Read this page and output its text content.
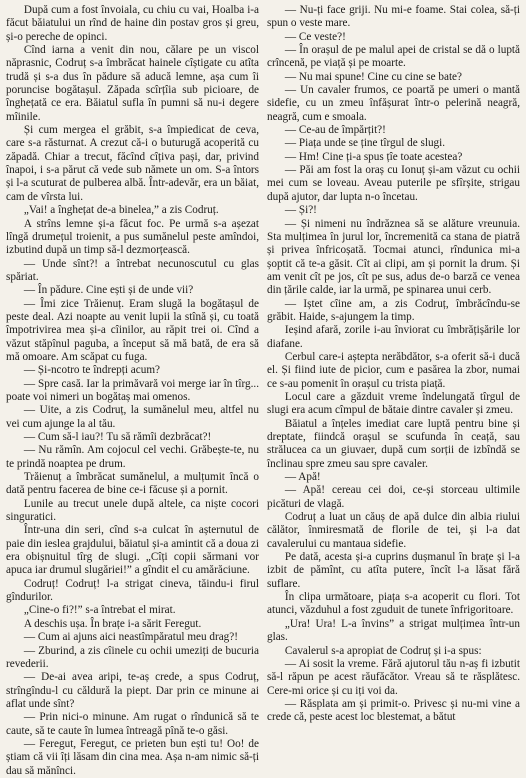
După cum a fost învoiala, cu chiu cu vai, Hoalba i-a făcut băiatului un rînd de haine din postav gros și greu, și-o pereche de opinci.

Cînd iarna a venit din nou, călare pe un viscol năprasnic, Codruț s-a îmbrăcat hainele cîștigate cu atîta trudă și s-a dus în pădure să aducă lemne, așa cum îi poruncise bogătașul. Zăpada scîrțîia sub picioare, de înghețată ce era. Băiatul sufla în pumni să nu-i degere mîinile.

Și cum mergea el grăbit, s-a împiedicat de ceva, care s-a răsturnat. A crezut că-i o buturugă acoperită cu zăpadă. Chiar a trecut, făcînd cîțiva pași, dar, privind înapoi, i s-a părut că vede sub nămete un om. S-a întors și l-a scuturat de pulberea albă. Într-adevăr, era un băiat, cam de vîrsta lui.

„Vai! a înghețat de-a binelea,” a zis Codruț.

A strîns lemne și-a făcut foc. Pe urmă s-a așezat lîngă drumețul troienit, a pus sumănelul peste amîndoi, izbutind după un timp să-l dezmorțească.

— Unde sînt?! a întrebat necunoscutul cu glas spăriat.

— În pădure. Cine ești și de unde vii?

— Îmi zice Trăienuț. Eram slugă la bogătașul de peste deal. Azi noapte au venit lupii la stînă și, cu toată împotrivirea mea și-a cîinilor, au răpit trei oi. Cînd a văzut stăpînul paguba, a început să mă bată, de era să mă omoare. Am scăpat cu fuga.

— Și-ncotro te îndrepți acum?

— Spre casă. Iar la primăvară voi merge iar în tîrg... poate voi nimeri un bogătaș mai omenos.

— Uite, a zis Codruț, la sumănelul meu, altfel nu vei cum ajunge la al tău.

— Cum să-l iau?! Tu să rămîi dezbrăcat?!

— Nu rămîn. Am cojocul cel vechi. Grăbește-te, nu te prindă noaptea pe drum.

Trăienuț a îmbrăcat sumănelul, a mulțumit încă o dată pentru facerea de bine ce-i făcuse și a pornit.

Lunile au trecut unele după altele, ca niște cocori singuratici.

Într-una din seri, cînd s-a culcat în așternutul de paie din ieslea grajdului, băiatul și-a amintit că a doua zi era obișnuitul tîrg de slugi. „Cîți copii sărmani vor apuca iar drumul slugăriei!” a gîndit el cu amărăciune.

Codruț! Codruț! l-a strigat cineva, tăindu-i firul gîndurilor.

„Cine-o fi?!” s-a întrebat el mirat.

A deschis ușa. În brațe i-a sărit Feregut.

— Cum ai ajuns aici neastîmpăratul meu drag?!

— Zburind, a zis cîinele cu ochii umeziți de bucuria revederii.

— De-ai avea aripi, te-aș crede, a spus Codruț, strîngîndu-l cu căldură la piept. Dar prin ce minune ai aflat unde sînt?

— Prin nici-o minune. Am rugat o rîndunică să te caute, să te caute în lumea întreagă pînă te-o găsi.

— Feregut, Feregut, ce prieten bun ești tu! Oo! de știam că vii îți lăsam din cina mea. Așa n-am nimic să-ți dau să mănînci.

— Nu-ți face griji. Nu mi-e foame. Stai colea, să-ți spun o veste mare.

— Ce veste?!

— În orașul de pe malul apei de cristal se dă o luptă crîncenă, pe viață și pe moarte.

— Nu mai spune! Cine cu cine se bate?

— Un cavaler frumos, ce poartă pe umeri o mantă sidefie, cu un zmeu înfășurat într-o pelerină neagră, neagră, cum e smoala.

— Ce-au de împărțit?!

— Piața unde se ține tîrgul de slugi.

— Hm! Cine ți-a spus țîe toate acestea?

— Păi am fost la oraș cu Ionuț și-am văzut cu ochii mei cum se loveau. Aveau puterile pe sfîrșite, strigau după ajutor, dar lupta n-o încetau.

— Și?!

— Și nimeni nu îndrăznea să se alăture vreunuia. Sta mulțimea în jurul lor, încremenită ca stana de piatră și privea înfricoșată. Tocmai atunci, rîndunica mi-a șoptit că te-a găsit. Cît ai clipi, am și pornit la drum. Și am venit cît pe jos, cît pe sus, adus de-o barză ce venea din țările calde, iar la urmă, pe spinarea unui cerb.

— Iștet cîine am, a zis Codruț, îmbrăcîndu-se grăbit. Haide, s-ajungem la timp.

Ieșind afară, zorile i-au înviorat cu îmbrățișările lor diafane.

Cerbul care-i aștepta nerăbdător, s-a oferit să-i ducă el. Și fiind iute de picior, cum e pasărea la zbor, numai ce s-au pomenit în orașul cu trista piață.

Locul care a găzduit vreme îndelungată tîrgul de slugi era acum cîmpul de bătaie dintre cavaler și zmeu.

Băiatul a înțeles imediat care luptă pentru bine și dreptate, fiindcă orașul se scufunda în ceață, sau strălucea ca un giuvaer, după cum sorții de izbîndă se înclinau spre zmeu sau spre cavaler.

— Apă!

— Apă! cereau cei doi, ce-și storceau ultimile picături de vlagă.

Codruț a luat un căuș de apă dulce din albia riului călător, înmiresmată de florile de tei, și l-a dat cavalerului cu mantaua sidefie.

Pe dată, acesta și-a cuprins dușmanul în brațe și l-a izbit de pămînt, cu atîta putere, încît l-a lăsat fără suflare.

În clipa următoare, piața s-a acoperit cu flori. Tot atunci, văzduhul a fost zguduit de tunete înfrigoritoare.

„Ura! Ura! L-a învins” a strigat mulțimea într-un glas.

Cavalerul s-a apropiat de Codruț și i-a spus:

— Ai sosit la vreme. Fără ajutorul tău n-aș fi izbutit să-l răpun pe acest răufăcător. Vreau să te răsplătesc. Cere-mi orice și cu iți voi da.

— Răsplata am și primit-o. Privesc și nu-mi vine a crede că, peste acest loc blestemat, a bătut
